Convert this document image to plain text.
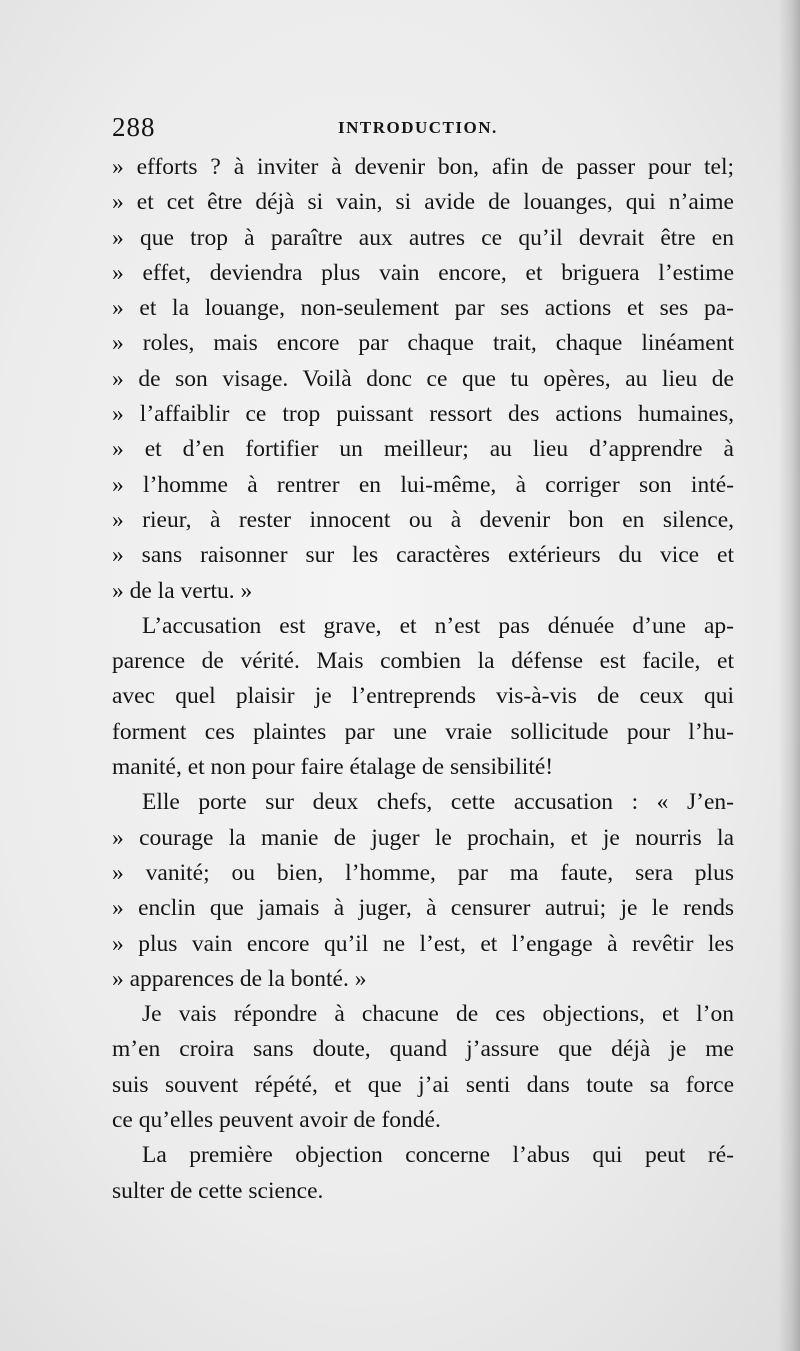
288	INTRODUCTION.
» efforts ? à inviter à devenir bon, afin de passer pour tel;
» et cet être déjà si vain, si avide de louanges, qui n’aime
» que trop à paraître aux autres ce qu’il devrait être en
» effet, deviendra plus vain encore, et briguera l’estime
» et la louange, non-seulement par ses actions et ses pa-
» roles, mais encore par chaque trait, chaque linéament
» de son visage. Voilà donc ce que tu opères, au lieu de
» l’affaiblir ce trop puissant ressort des actions humaines,
» et d’en fortifier un meilleur; au lieu d’apprendre à
» l’homme à rentrer en lui-même, à corriger son inté-
» rieur, à rester innocent ou à devenir bon en silence,
» sans raisonner sur les caractères extérieurs du vice et
» de la vertu. »
L’accusation est grave, et n’est pas dénuée d’une ap-
parence de vérité. Mais combien la défense est facile, et
avec quel plaisir je l’entreprends vis-à-vis de ceux qui
forment ces plaintes par une vraie sollicitude pour l’hu-
manité, et non pour faire étalage de sensibilité!
Elle porte sur deux chefs, cette accusation : « J’en-
» courage la manie de juger le prochain, et je nourris la
» vanité; ou bien, l’homme, par ma faute, sera plus
» enclin que jamais à juger, à censurer autrui; je le rends
» plus vain encore qu’il ne l’est, et l’engage à revêtir les
» apparences de la bonté. »
Je vais répondre à chacune de ces objections, et l’on
m’en croira sans doute, quand j’assure que déjà je me
suis souvent répété, et que j’ai senti dans toute sa force
ce qu’elles peuvent avoir de fondé.
La première objection concerne l’abus qui peut ré-
sulter de cette science.
